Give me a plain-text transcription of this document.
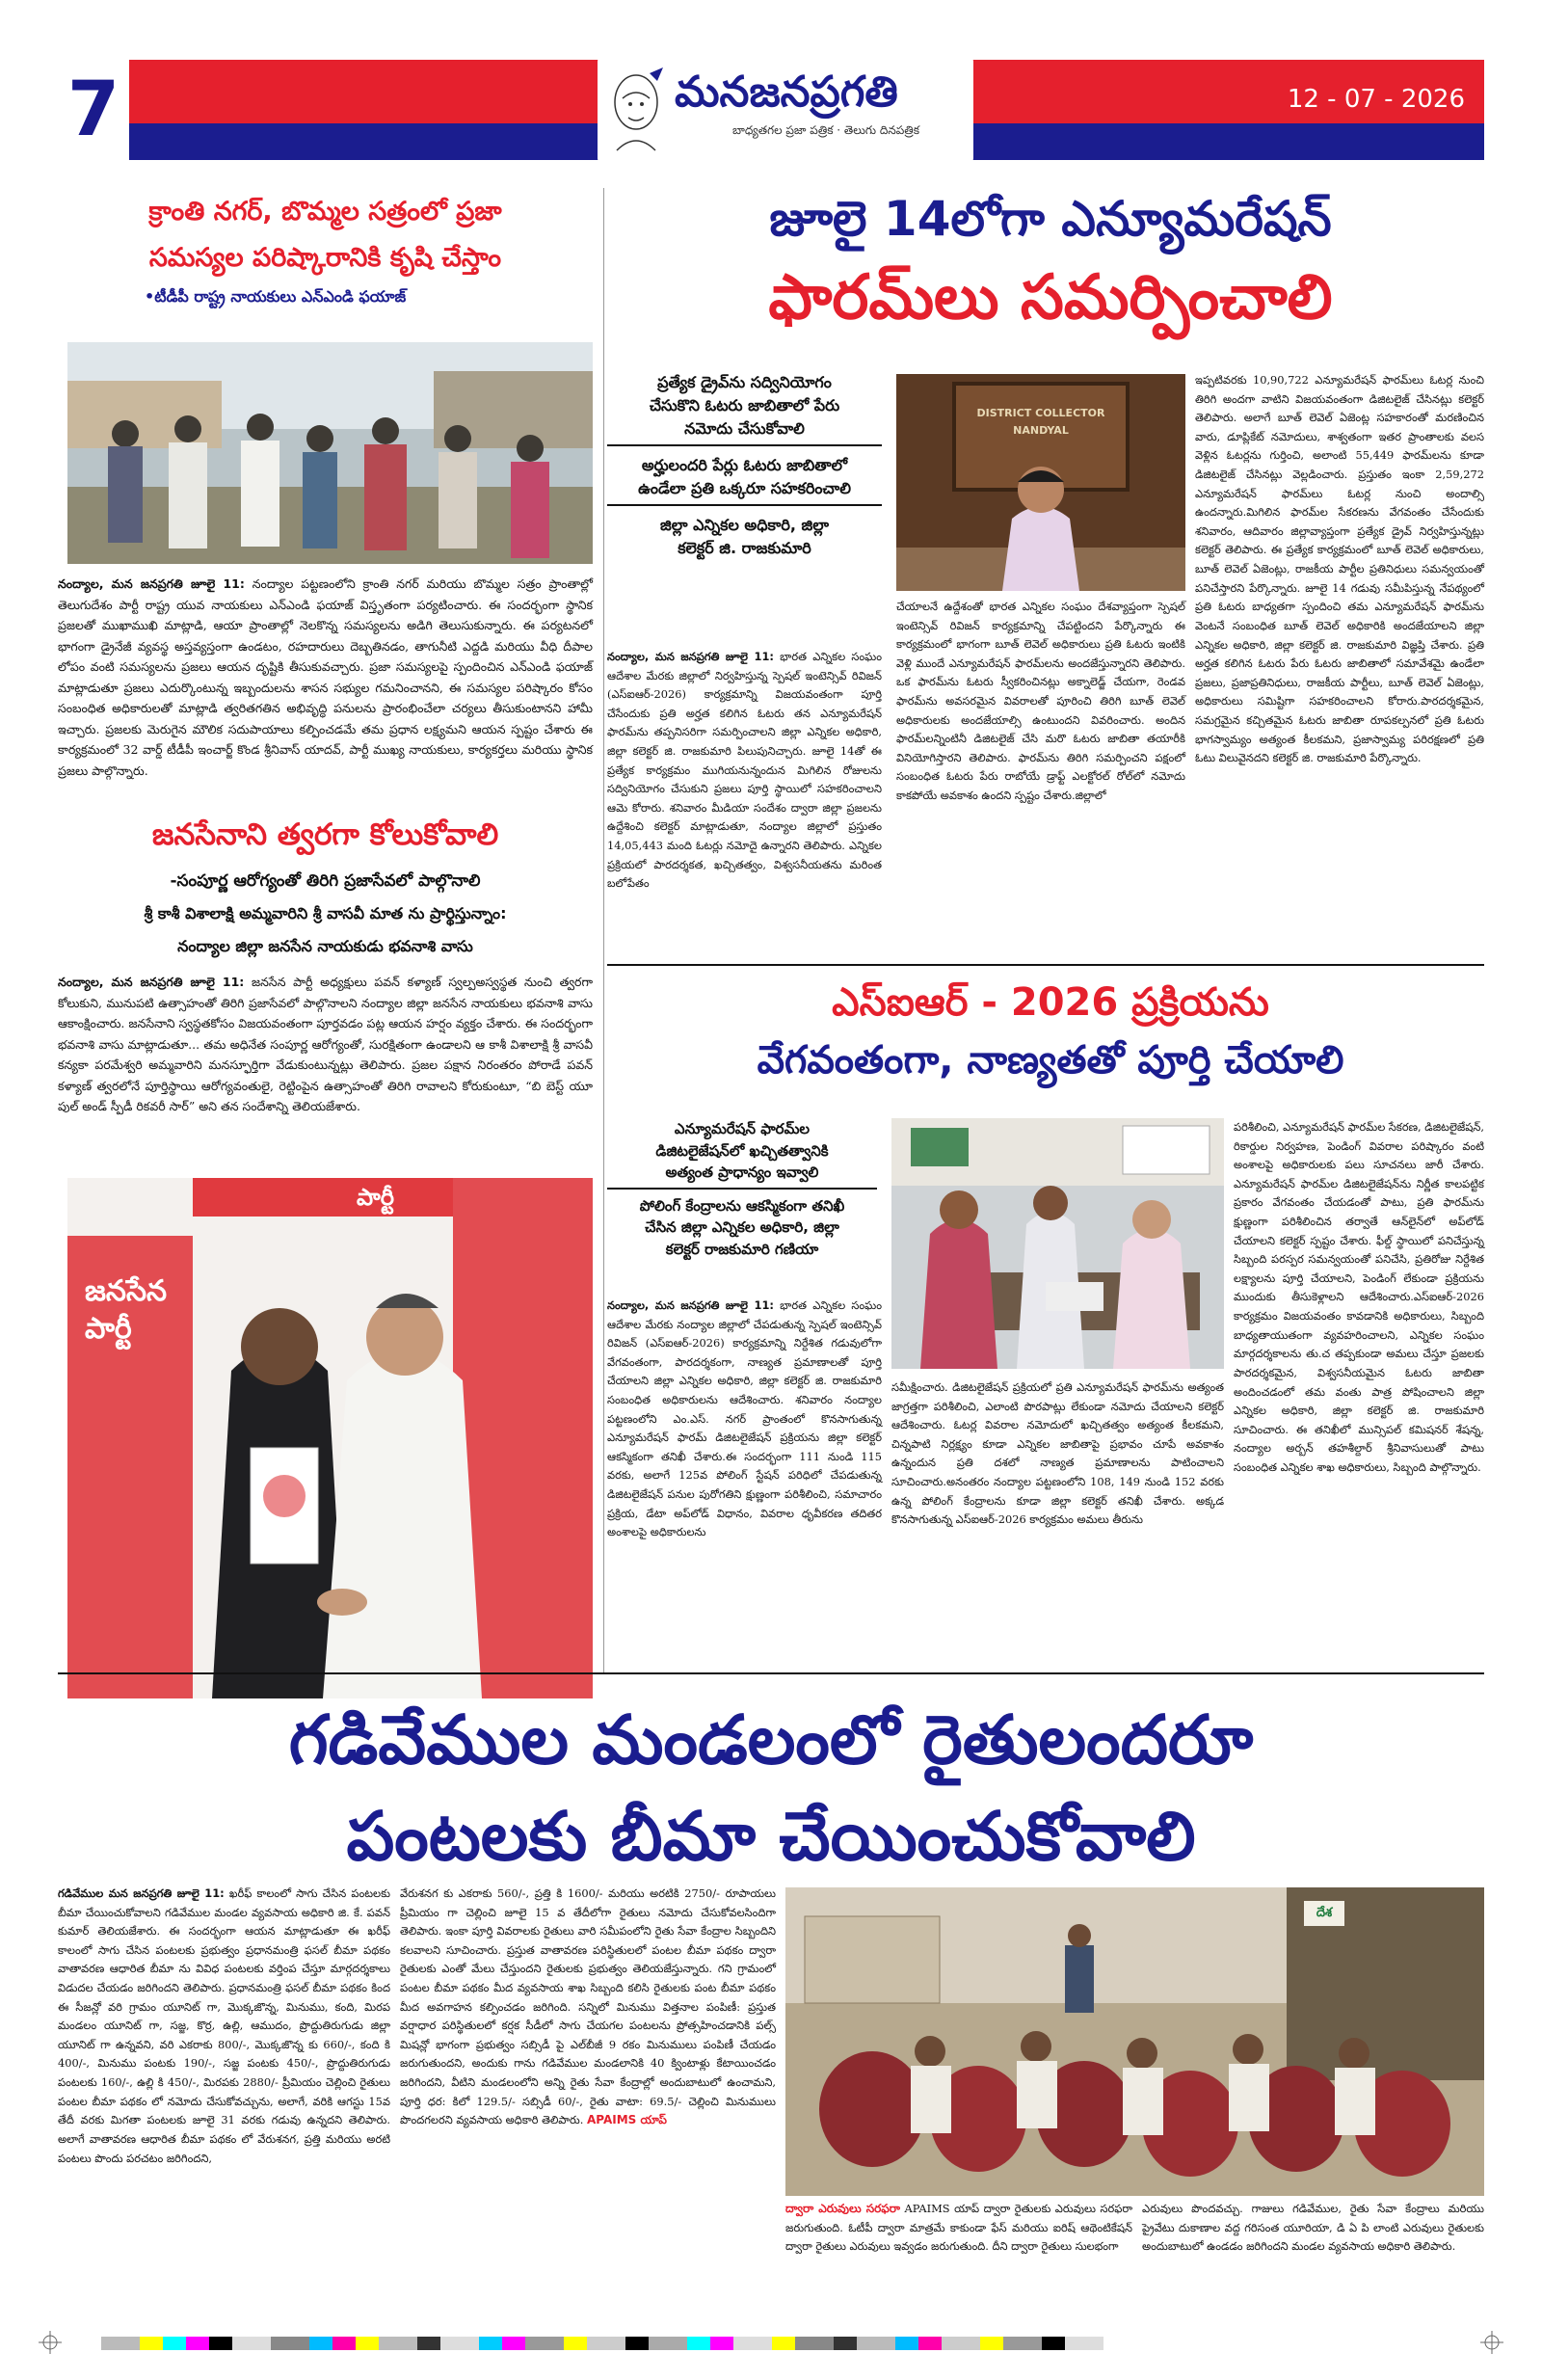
7	మనజనప్రగతి
బాధ్యతగల ప్రజా పత్రిక · తెలుగు దినపత్రిక
12 - 07 - 2026
క్రాంతి నగర్, బొమ్మల సత్రంలో ప్రజా
సమస్యల పరిష్కారానికి కృషి చేస్తాం
•టీడీపీ రాష్ట్ర నాయకులు ఎన్ఎండి ఫయాజ్
నంద్యాల, మన జనప్రగతి జూలై 11: నంద్యాల పట్టణంలోని క్రాంతి నగర్ మరియు బొమ్మల సత్రం ప్రాంతాల్లో తెలుగుదేశం పార్టీ రాష్ట్ర యువ నాయకులు ఎన్ఎండి ఫయాజ్ విస్తృతంగా పర్యటించారు. ఈ సందర్భంగా స్థానిక ప్రజలతో ముఖాముఖి మాట్లాడి, ఆయా ప్రాంతాల్లో నెలకొన్న సమస్యలను అడిగి తెలుసుకున్నారు. ఈ పర్యటనలో భాగంగా డ్రైనేజీ వ్యవస్థ అస్తవ్యస్తంగా ఉండటం, రహదారులు దెబ్బతినడం, తాగునీటి ఎద్దడి మరియు వీధి దీపాల లోపం వంటి సమస్యలను ప్రజలు ఆయన దృష్టికి తీసుకువచ్చారు. ప్రజా సమస్యలపై స్పందించిన ఎన్ఎండి ఫయాజ్ మాట్లాడుతూ ప్రజలు ఎదుర్కొంటున్న ఇబ్బందులను శాసన సభ్యుల గమనించానని, ఈ సమస్యల పరిష్కారం కోసం సంబంధిత అధికారులతో మాట్లాడి త్వరితగతిన అభివృద్ధి పనులను ప్రారంభించేలా చర్యలు తీసుకుంటానని హామీ ఇచ్చారు. ప్రజలకు మెరుగైన మౌలిక సదుపాయాలు కల్పించడమే తమ ప్రధాన లక్ష్యమని ఆయన స్పష్టం చేశారు ఈ కార్యక్రమంలో 32 వార్డ్ టీడీపీ ఇంచార్జ్ కొండ శ్రీనివాస్ యాదవ్, పార్టీ ముఖ్య నాయకులు, కార్యకర్తలు మరియు స్థానిక ప్రజలు పాల్గొన్నారు.
జనసేనాని త్వరగా కోలుకోవాలి
-సంపూర్ణ ఆరోగ్యంతో తిరిగి ప్రజాసేవలో పాల్గొనాలి
శ్రీ కాశీ విశాలాక్షి అమ్మవారిని శ్రీ వాసవీ మాత ను ప్రార్థిస్తున్నాం:
నంద్యాల జిల్లా జనసేన నాయకుడు భవనాశి వాసు
నంద్యాల, మన జనప్రగతి జూలై 11: జనసేన పార్టీ అధ్యక్షులు పవన్ కళ్యాణ్ స్వల్పఅస్వస్థత నుంచి త్వరగా కోలుకుని, మునుపటి ఉత్సాహంతో తిరిగి ప్రజాసేవలో పాల్గొనాలని నంద్యాల జిల్లా జనసేన నాయకులు భవనాశి వాసు ఆకాంక్షించారు. జనసేనాని స్వస్థతకోసం విజయవంతంగా పూర్తవడం పట్ల ఆయన హర్షం వ్యక్తం చేశారు. ఈ సందర్భంగా భవనాశి వాసు మాట్లాడుతూ... తమ అధినేత సంపూర్ణ ఆరోగ్యంతో, సురక్షితంగా ఉండాలని ఆ కాశీ విశాలాక్షి శ్రీ వాసవీ కన్యకా పరమేశ్వరి అమ్మవారిని మనస్ఫూర్తిగా వేడుకుంటున్నట్లు తెలిపారు. ప్రజల పక్షాన నిరంతరం పోరాడే పవన్ కళ్యాణ్ త్వరలోనే పూర్తిస్థాయి ఆరోగ్యవంతులై, రెట్టింపైన ఉత్సాహంతో తిరిగి రావాలని కోరుకుంటూ, “బి బెస్ట్ యూ పుల్ అండ్ స్పీడీ రికవరీ సార్” అని తన సందేశాన్ని తెలియజేశారు.
జనసేన పార్టీ
పార్టీ
జూలై 14లోగా ఎన్యూమరేషన్
ఫారమ్‌లు సమర్పించాలి
ప్రత్యేక డ్రైవ్‌ను సద్వినియోగం
చేసుకొని ఓటరు జాబితాలో పేరు
నమోదు చేసుకోవాలి
అర్హులందరి పేర్లు ఓటరు జాబితాలో
ఉండేలా ప్రతి ఒక్కరూ సహకరించాలి
జిల్లా ఎన్నికల అధికారి, జిల్లా
కలెక్టర్ జి. రాజకుమారి
DISTRICT COLLECTOR NANDYAL
నంద్యాల, మన జనప్రగతి జూలై 11: భారత ఎన్నికల సంఘం ఆదేశాల మేరకు జిల్లాలో నిర్వహిస్తున్న స్పెషల్ ఇంటెన్సివ్ రివిజన్ (ఎస్ఐఆర్-2026) కార్యక్రమాన్ని విజయవంతంగా పూర్తి చేసేందుకు ప్రతి అర్హత కలిగిన ఓటరు తన ఎన్యూమరేషన్ ఫారమ్‌ను తప్పనిసరిగా సమర్పించాలని జిల్లా ఎన్నికల అధికారి, జిల్లా కలెక్టర్ జి. రాజకుమారి పిలుపునిచ్చారు. జూలై 14తో ఈ ప్రత్యేక కార్యక్రమం ముగియనున్నందున మిగిలిన రోజులను సద్వినియోగం చేసుకుని ప్రజలు పూర్తి స్థాయిలో సహకరించాలని ఆమె కోరారు. శనివారం మీడియా సందేశం ద్వారా జిల్లా ప్రజలను ఉద్దేశించి కలెక్టర్ మాట్లాడుతూ, నంద్యాల జిల్లాలో ప్రస్తుతం 14,05,443 మంది ఓటర్లు నమోదై ఉన్నారని తెలిపారు. ఎన్నికల ప్రక్రియలో పారదర్శకత, ఖచ్చితత్వం, విశ్వసనీయతను మరింత బలోపేతం
చేయాలనే ఉద్దేశంతో భారత ఎన్నికల సంఘం దేశవ్యాప్తంగా స్పెషల్ ఇంటెన్సివ్ రివిజన్ కార్యక్రమాన్ని చేపట్టిందని పేర్కొన్నారు ఈ కార్యక్రమంలో భాగంగా బూత్ లెవెల్ అధికారులు ప్రతి ఓటరు ఇంటికి వెళ్లి ముందే ఎన్యూమరేషన్ ఫారమ్‌లను అందజేస్తున్నారని తెలిపారు. ఒక ఫారమ్‌ను ఓటరు స్వీకరించినట్లు అక్నాలెడ్జ్ చేయగా, రెండవ ఫారమ్‌ను అవసరమైన వివరాలతో పూరించి తిరిగి బూత్ లెవెల్ అధికారులకు అందజేయాల్సి ఉంటుందని వివరించారు. అందిన ఫారమ్‌లన్నింటినీ డిజిటలైజ్ చేసి మరొ ఓటరు జాబితా తయారీకి వినియోగిస్తారని తెలిపారు. ఫారమ్‌ను తిరిగి సమర్పించని పక్షంలో సంబంధిత ఓటరు పేరు రాబోయే డ్రాఫ్ట్ ఎలక్టోరల్ రోల్‌లో నమోదు కాకపోయే అవకాశం ఉందని స్పష్టం చేశారు.జిల్లాలో
ఇప్పటివరకు 10,90,722 ఎన్యూమరేషన్ ఫారమ్‌లు ఓటర్ల నుంచి తిరిగి అందగా వాటిని విజయవంతంగా డిజిటలైజ్ చేసినట్లు కలెక్టర్ తెలిపారు. అలాగే బూత్ లెవెల్ ఏజెంట్ల సహకారంతో మరణించిన వారు, డూప్లికేట్ నమోదులు, శాశ్వతంగా ఇతర ప్రాంతాలకు వలస వెళ్లిన ఓటర్లను గుర్తించి, అలాంటి 55,449 ఫారమ్‌లను కూడా డిజిటలైజ్ చేసినట్లు వెల్లడించారు. ప్రస్తుతం ఇంకా 2,59,272 ఎన్యూమరేషన్ ఫారమ్‌లు ఓటర్ల నుంచి అందాల్సి ఉందన్నారు.మిగిలిన ఫారమ్‌ల సేకరణను వేగవంతం చేసేందుకు శనివారం, ఆదివారం జిల్లావ్యాప్తంగా ప్రత్యేక డ్రైవ్ నిర్వహిస్తున్నట్లు కలెక్టర్ తెలిపారు. ఈ ప్రత్యేక కార్యక్రమంలో బూత్ లెవెల్ అధికారులు, బూత్ లెవెల్ ఏజెంట్లు, రాజకీయ పార్టీల ప్రతినిధులు సమన్వయంతో పనిచేస్తారని పేర్కొన్నారు. జూలై 14 గడువు సమీపిస్తున్న నేపథ్యంలో ప్రతి ఓటరు బాధ్యతగా స్పందించి తమ ఎన్యూమరేషన్ ఫారమ్‌ను వెంటనే సంబంధిత బూత్ లెవెల్ అధికారికి అందజేయాలని జిల్లా ఎన్నికల అధికారి, జిల్లా కలెక్టర్ జి. రాజకుమారి విజ్ఞప్తి చేశారు. ప్రతి అర్హత కలిగిన ఓటరు పేరు ఓటరు జాబితాలో సమావేశమై ఉండేలా ప్రజలు, ప్రజాప్రతినిధులు, రాజకీయ పార్టీలు, బూత్ లెవెల్ ఏజెంట్లు, అధికారులు సమిష్టిగా సహకరించాలని కోరారు.పారదర్శకమైన, సమగ్రమైన కచ్చితమైన ఓటరు జాబితా రూపకల్పనలో ప్రతి ఓటరు భాగస్వామ్యం అత్యంత కీలకమని, ప్రజాస్వామ్య పరిరక్షణలో ప్రతి ఓటు విలువైనదని కలెక్టర్ జి. రాజకుమారి పేర్కొన్నారు.
ఎస్ఐఆర్ - 2026 ప్రక్రియను
వేగవంతంగా, నాణ్యతతో పూర్తి చేయాలి
ఎన్యూమరేషన్ ఫారమ్‌ల
డిజిటలైజేషన్‌లో ఖచ్చితత్వానికి
అత్యంత ప్రాధాన్యం ఇవ్వాలి
పోలింగ్ కేంద్రాలను ఆకస్మికంగా తనిఖీ
చేసిన జిల్లా ఎన్నికల అధికారి, జిల్లా
కలెక్టర్ రాజకుమారి గణియా
నంద్యాల, మన జనప్రగతి జూలై 11: భారత ఎన్నికల సంఘం ఆదేశాల మేరకు నంద్యాల జిల్లాలో చేపడుతున్న స్పెషల్ ఇంటెన్సివ్ రివిజన్ (ఎస్ఐఆర్-2026) కార్యక్రమాన్ని నిర్దేశిత గడువులోగా వేగవంతంగా, పారదర్శకంగా, నాణ్యత ప్రమాణాలతో పూర్తి చేయాలని జిల్లా ఎన్నికల అధికారి, జిల్లా కలెక్టర్ జి. రాజకుమారి సంబంధిత అధికారులను ఆదేశించారు. శనివారం నంద్యాల పట్టణంలోని ఎం.ఎస్. నగర్ ప్రాంతంలో కొనసాగుతున్న ఎన్యూమరేషన్ ఫారమ్ డిజిటలైజేషన్ ప్రక్రియను జిల్లా కలెక్టర్ ఆకస్మికంగా తనిఖీ చేశారు.ఈ సందర్భంగా 111 నుండి 115 వరకు, అలాగే 125వ పోలింగ్ స్టేషన్ పరిధిలో చేపడుతున్న డిజిటలైజేషన్ పనుల పురోగతిని క్షుణ్ణంగా పరిశీలించి, సమాచారం ప్రక్రియ, డేటా అప్‌లోడ్ విధానం, వివరాల ధృవీకరణ తదితర అంశాలపై అధికారులను
సమీక్షించారు. డిజిటలైజేషన్ ప్రక్రియలో ప్రతి ఎన్యూమరేషన్ ఫారమ్‌ను అత్యంత జాగ్రత్తగా పరిశీలించి, ఎలాంటి పొరపాట్లు లేకుండా నమోదు చేయాలని కలెక్టర్ ఆదేశించారు. ఓటర్ల వివరాల నమోదులో ఖచ్చితత్వం అత్యంత కీలకమని, చిన్నపాటి నిర్లక్ష్యం కూడా ఎన్నికల జాబితాపై ప్రభావం చూపే అవకాశం ఉన్నందున ప్రతి దశలో నాణ్యత ప్రమాణాలను పాటించాలని సూచించారు.అనంతరం నంద్యాల పట్టణంలోని 108, 149 నుండి 152 వరకు ఉన్న పోలింగ్ కేంద్రాలను కూడా జిల్లా కలెక్టర్ తనిఖీ చేశారు. అక్కడ కొనసాగుతున్న ఎస్ఐఆర్-2026 కార్యక్రమం అమలు తీరును
పరిశీలించి, ఎన్యూమరేషన్ ఫారమ్‌ల సేకరణ, డిజిటలైజేషన్, రికార్డుల నిర్వహణ, పెండింగ్ వివరాల పరిష్కారం వంటి అంశాలపై అధికారులకు పలు సూచనలు జారీ చేశారు. ఎన్యూమరేషన్ ఫారమ్‌ల డిజిటలైజేషన్‌ను నిర్ణీత కాలపట్టిక ప్రకారం వేగవంతం చేయడంతో పాటు, ప్రతి ఫారమ్‌ను క్షుణ్ణంగా పరిశీలించిన తర్వాతే ఆన్‌లైన్‌లో అప్‌లోడ్ చేయాలని కలెక్టర్ స్పష్టం చేశారు. ఫీల్డ్ స్థాయిలో పనిచేస్తున్న సిబ్బంది పరస్పర సమన్వయంతో పనిచేసి, ప్రతిరోజు నిర్దేశిత లక్ష్యాలను పూర్తి చేయాలని, పెండింగ్ లేకుండా ప్రక్రియను ముందుకు తీసుకెళ్లాలని ఆదేశించారు.ఎస్ఐఆర్-2026 కార్యక్రమం విజయవంతం కావడానికి అధికారులు, సిబ్బంది బాధ్యతాయుతంగా వ్యవహరించాలని, ఎన్నికల సంఘం మార్గదర్శకాలను తు.చ తప్పకుండా అమలు చేస్తూ ప్రజలకు పారదర్శకమైన, విశ్వసనీయమైన ఓటరు జాబితా అందించడంలో తమ వంతు పాత్ర పోషించాలని జిల్లా ఎన్నికల అధికారి, జిల్లా కలెక్టర్ జి. రాజకుమారి సూచించారు. ఈ తనిఖీలో మున్సిపల్ కమిషనర్ శేషన్న, నంద్యాల అర్బన్ తహశీల్దార్ శ్రీనివాసులుతో పాటు సంబంధిత ఎన్నికల శాఖ అధికారులు, సిబ్బంది పాల్గొన్నారు.
గడివేముల మండలంలో రైతులందరూ
పంటలకు బీమా చేయించుకోవాలి
గడివేముల మన జనప్రగతి జూలై 11: ఖరీఫ్ కాలంలో సాగు చేసిన పంటలకు బీమా చేయించుకోవాలని గడివేముల మండల వ్యవసాయ అధికారి జి. కే. పవన్ కుమార్ తెలియజేశారు. ఈ సందర్భంగా ఆయన మాట్లాడుతూ ఈ ఖరీఫ్ కాలంలో సాగు చేసిన పంటలకు ప్రభుత్వం ప్రధానమంత్రి ఫసల్ బీమా పథకం వాతావరణ ఆధారిత బీమా ను వివిధ పంటలకు వర్తింప చేస్తూ మార్గదర్శకాలు విడుదల చేయడం జరిగిందని తెలిపారు. ప్రధానమంత్రి ఫసల్ బీమా పథకం కింద ఈ సీజన్లో వరి గ్రామం యూనిట్ గా, మొక్కజొన్న, మినుము, కంది, మిరప మండలం యూనిట్ గా, సజ్జ, కొర్ర, ఉల్లి, ఆముదం, ప్రొద్దుతిరుగుడు జిల్లా యూనిట్ గా ఉన్నవని, వరి ఎకరాకు 800/-, మొక్కజొన్న కు 660/-, కంది కి 400/-, మినుము పంటకు 190/-, సజ్జ పంటకు 450/-, ప్రొద్దుతిరుగుడు పంటలకు 160/-, ఉల్లి కి 450/-, మిరపకు 2880/- ప్రీమియం చెల్లించి రైతులు పంటల బీమా పథకం లో నమోదు చేసుకోవచ్చును, అలాగే, వరికి ఆగస్టు 15వ తేదీ వరకు మిగతా పంటలకు జూలై 31 వరకు గడువు ఉన్నదని తెలిపారు. అలాగే వాతావరణ ఆధారిత బీమా పథకం లో వేరుశనగ, ప్రత్తి మరియు అరటి పంటలు పొందు పరచటం జరిగిందని,
వేరుశనగ కు ఎకరాకు 560/-, ప్రత్తి కి 1600/- మరియు అరటికి 2750/- రూపాయలు ప్రీమియం గా చెల్లించి జూలై 15 వ తేదీలోగా రైతులు నమోదు చేసుకోవలసిందిగా తెలిపారు. ఇంకా పూర్తి వివరాలకు రైతులు వారి సమీపంలోని రైతు సేవా కేంద్రాల సిబ్బందిని కలవాలని సూచించారు. ప్రస్తుత వాతావరణ పరిస్థితులలో పంటల బీమా పథకం ద్వారా రైతులకు ఎంతో మేలు చేస్తుందని రైతులకు ప్రభుత్వం తెలియజేస్తున్నారు. గని గ్రామంలో పంటల బీమా పథకం మీద వ్యవసాయ శాఖ సిబ్బంది కలిసి రైతులకు పంట బీమా పథకం మీద అవగాహన కల్పించడం జరిగింది. సన్నిలో మినుము విత్తనాల పంపిణీ: ప్రస్తుత వర్షాధార పరిస్థితులలో కర్షక సీడీలో సాగు చేయగల పంటలను ప్రోత్సహించడానికి పల్స్ మిషన్లో భాగంగా ప్రభుత్వం సబ్సిడీ పై ఎల్‌బీజీ 9 రకం మినుములు పంపిణీ చేయడం జరుగుతుందని, అందుకు గాను గడివేముల మండలానికి 40 క్వింటాళ్లు కేటాయించడం జరిగిందని, వీటిని మండలంలోని అన్ని రైతు సేవా కేంద్రాల్లో అందుబాటులో ఉంచామని, పూర్తి ధర: కిలో 129.5/- సబ్సిడీ 60/-, రైతు వాటా: 69.5/- చెల్లించి మినుములు పొందగలరని వ్యవసాయ అధికారి తెలిపారు. APAIMS యాప్
దేశ
ద్వారా ఎరువులు సరఫరా APAIMS యాప్ ద్వారా రైతులకు ఎరువులు సరఫరా జరుగుతుంది. ఓటీపీ ద్వారా మాత్రమే కాకుండా ఫేస్ మరియు ఐరిష్ ఆథెంటికేషన్ ద్వారా రైతులు ఎరువులు ఇవ్వడం జరుగుతుంది. దీని ద్వారా రైతులు సులభంగా
ఎరువులు పొందవచ్చు. గాజులు గడివేముల, రైతు సేవా కేంద్రాలు మరియు ప్రైవేటు దుకాణాల వద్ద గరిసంత యూరియా, డి ఏ పి లాంటి ఎరువులు రైతులకు అందుబాటులో ఉండడం జరిగిందని మండల వ్యవసాయ అధికారి తెలిపారు.
